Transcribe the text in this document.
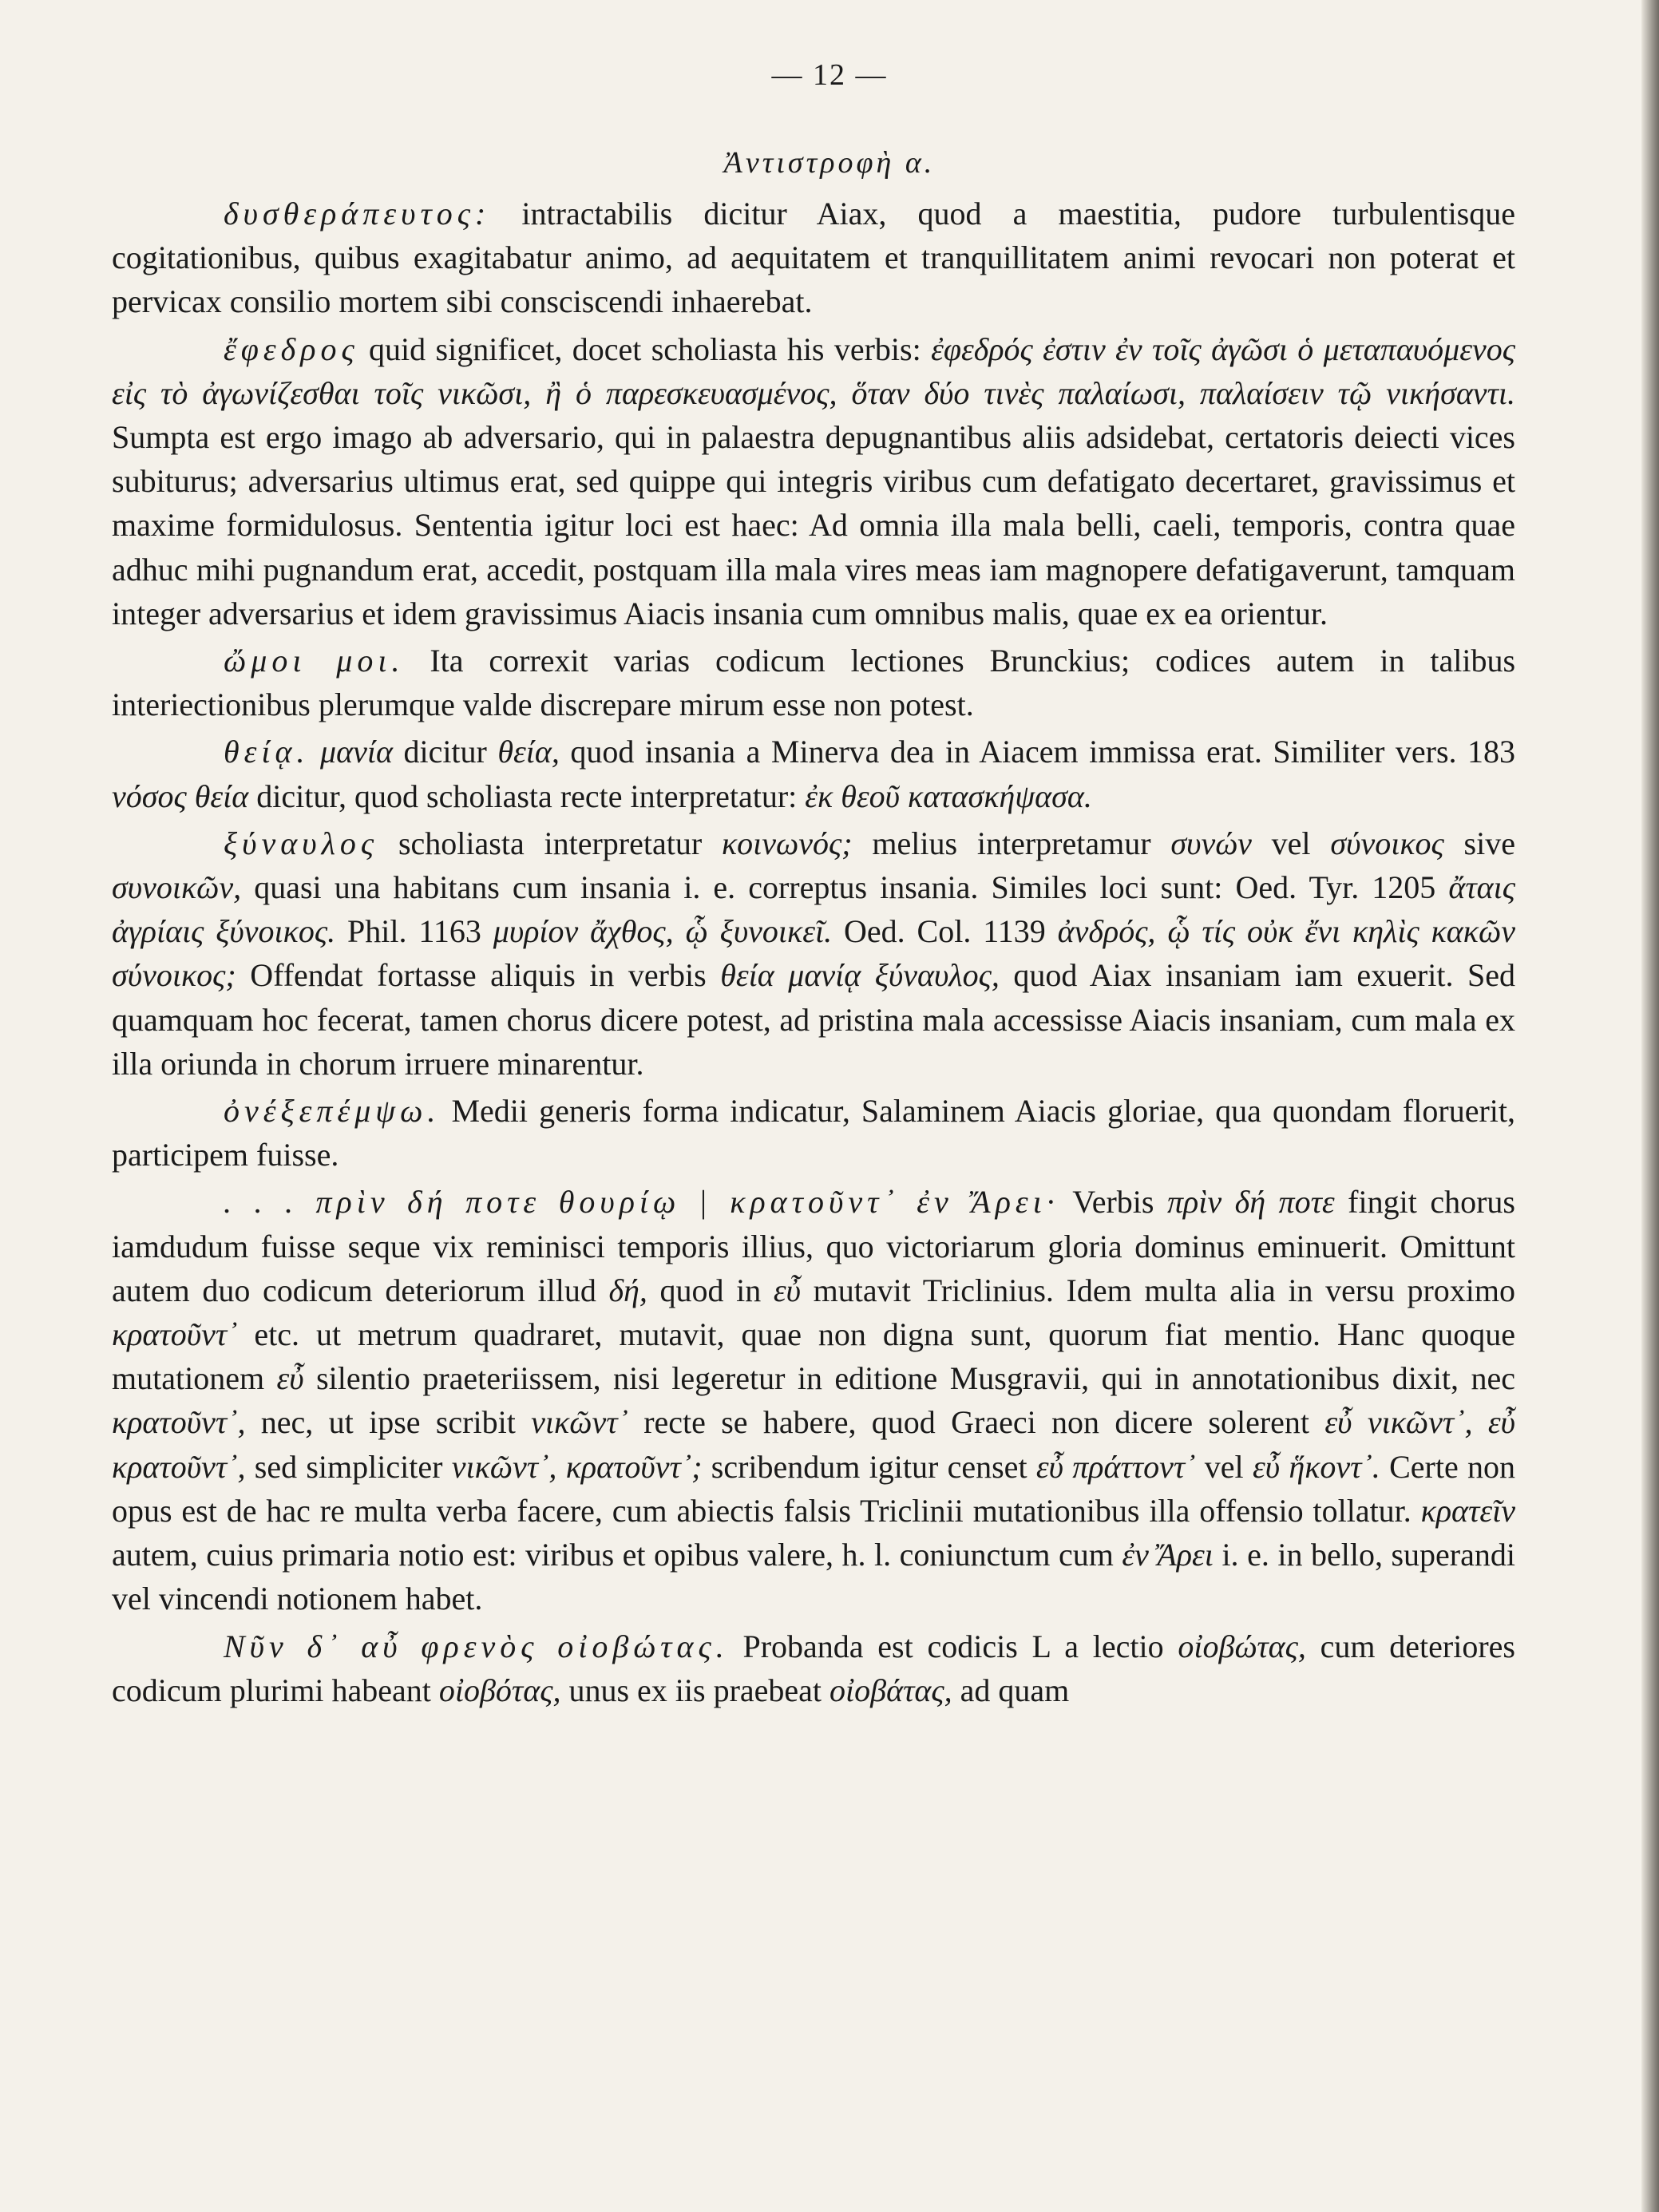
— 12 —
Ἀντιστροφὴ α.

δυσθεράπευτος: intractabilis dicitur Aiax, quod a maestitia, pudore turbulentisque cogitationibus, quibus exagitabatur animo, ad aequitatem et tranquillitatem animi revocari non poterat et pervicax consilio mortem sibi consciscendi inhaerebat.

ἔφεδρος quid significet, docet scholiasta his verbis: ἐφεδρός ἐστιν ἐν τοῖς ἀγῶσι ὁ μεταπαυόμενος εἰς τὸ ἀγωνίζεσθαι τοῖς νικῶσι, ἢ ὁ παρεσκευασμένος, ὅταν δύο τινὲς παλαίωσι, παλαίσειν τῷ νικήσαντι. Sumpta est ergo imago ab adversario, qui in palaestra depugnantibus aliis adsidebat, certatoris deiecti vices subiturus; adversarius ultimus erat, sed quippe qui integris viribus cum defatigato decertaret, gravissimus et maxime formidulosus. Sententia igitur loci est haec: Ad omnia illa mala belli, caeli, temporis, contra quae adhuc mihi pugnandum erat, accedit, postquam illa mala vires meas iam magnopere defatigaverunt, tamquam integer adversarius et idem gravissimus Aiacis insania cum omnibus malis, quae ex ea orientur.

ὤμοι μοι. Ita correxit varias codicum lectiones Brunckius; codices autem in talibus interiectionibus plerumque valde discrepare mirum esse non potest.

θείᾳ. μανία dicitur θεία, quod insania a Minerva dea in Aiacem immissa erat. Similiter vers. 183 νόσος θεία dicitur, quod scholiasta recte interpretatur: ἐκ θεοῦ κατασκήψασα.

ξύναυλος scholiasta interpretatur κοινωνός; melius interpretamur συνών vel σύνοικος sive συνοικῶν, quasi una habitans cum insania i. e. correptus insania. Similes loci sunt: Oed. Tyr. 1205 ἄταις ἀγρίαις ξύνοικος. Phil. 1163 μυρίον ἄχθος, ᾧ ξυνοικεῖ. Oed. Col. 1139 ἀνδρός, ᾧ τίς οὐκ ἔνι κηλὶς κακῶν σύνοικος; Offendat fortasse aliquis in verbis θεία μανίᾳ ξύναυλος, quod Aiax insaniam iam exuerit. Sed quamquam hoc fecerat, tamen chorus dicere potest, ad pristina mala accessisse Aiacis insaniam, cum mala ex illa oriunda in chorum irruere minarentur.

ὀνέξεπέμψω. Medii generis forma indicatur, Salaminem Aiacis gloriae, qua quondam floruerit, participem fuisse.

. . . πρὶν δή ποτε θουρίῳ | κρατοῦντ᾽ ἐν Ἄρει· Verbis πρὶν δή ποτε fingit chorus iamdudum fuisse seque vix reminisci temporis illius, quo victoriarum gloria dominus eminuerit. Omittunt autem duo codicum deteriorum illud δή, quod in εὖ mutavit Triclinius. Idem multa alia in versu proximo κρατοῦντ᾽ etc. ut metrum quadraret, mutavit, quae non digna sunt, quorum fiat mentio. Hanc quoque mutationem εὖ silentio praeteriissem, nisi legeretur in editione Musgravii, qui in annotationibus dixit, nec κρατοῦντ᾽, nec, ut ipse scribit νικῶντ᾽ recte se habere, quod Graeci non dicere solerent εὖ νικῶντ᾽, εὖ κρατοῦντ᾽, sed simpliciter νικῶντ᾽, κρατοῦντ᾽; scribendum igitur censet εὖ πράττοντ᾽ vel εὖ ἥκοντ᾽. Certe non opus est de hac re multa verba facere, cum abiectis falsis Triclinii mutationibus illa offensio tollatur. κρατεῖν autem, cuius primaria notio est: viribus et opibus valere, h. l. coniunctum cum ἐν Ἄρει i. e. in bello, superandi vel vincendi notionem habet.

Νῦν δ᾽ αὖ φρενὸς οἰοβώτας. Probanda est codicis L a lectio οἰοβώτας, cum deteriores codicum plurimi habeant οἰοβότας, unus ex iis praebeat οἰοβάτας, ad quam
